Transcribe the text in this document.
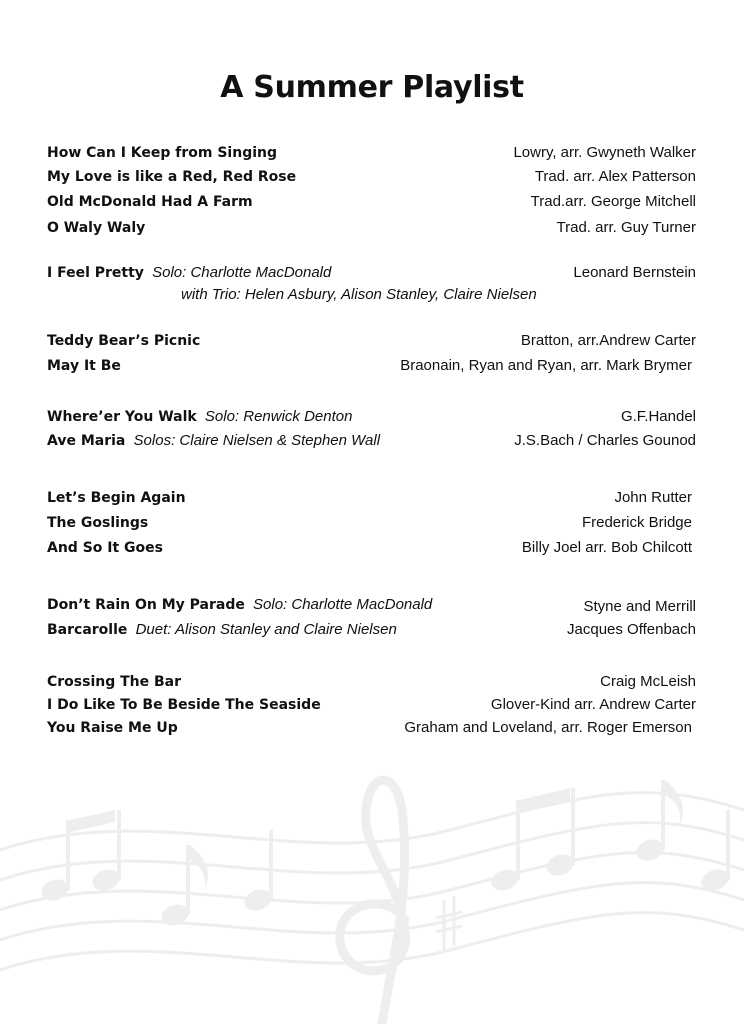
A Summer Playlist
How Can I Keep from Singing	Lowry, arr. Gwyneth Walker
My Love is like a Red, Red Rose	Trad. arr. Alex Patterson
Old McDonald Had A Farm	Trad.arr. George Mitchell
O Waly Waly	Trad. arr. Guy Turner
I Feel Pretty Solo: Charlotte MacDonald	Leonard Bernstein
with Trio: Helen Asbury, Alison Stanley, Claire Nielsen
Teddy Bear’s Picnic	Bratton, arr.Andrew Carter
May It Be	Braonain, Ryan and Ryan, arr. Mark Brymer
Where’er You Walk Solo: Renwick Denton	G.F.Handel
Ave Maria Solos: Claire Nielsen & Stephen Wall	J.S.Bach / Charles Gounod
Let’s Begin Again	John Rutter
The Goslings	Frederick Bridge
And So It Goes	Billy Joel arr. Bob Chilcott
Don’t Rain On My Parade Solo: Charlotte MacDonald	Styne and Merrill
Barcarolle Duet: Alison Stanley and Claire Nielsen	Jacques Offenbach
Crossing The Bar	Craig McLeish
I Do Like To Be Beside The Seaside	Glover-Kind arr. Andrew Carter
You Raise Me Up	Graham and Loveland, arr. Roger Emerson
